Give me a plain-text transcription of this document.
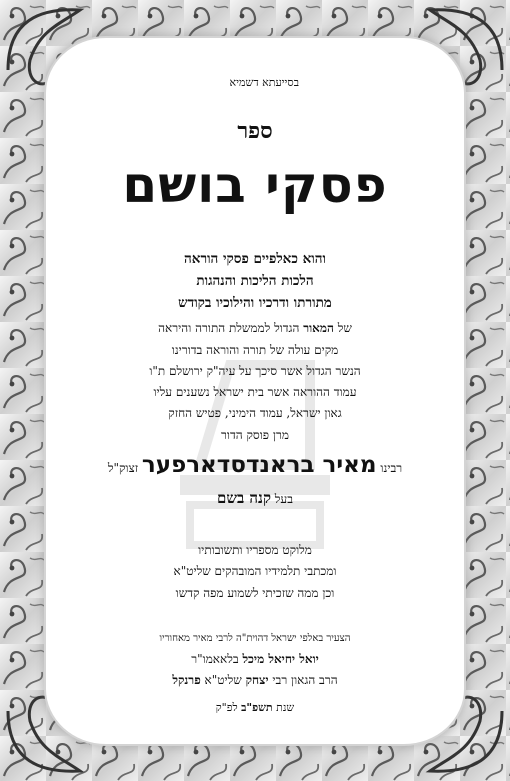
בסייעתא דשמיא
ספר
פסקי בושם
והוא כאלפיים פסקי הוראה
הלכות הליכות והנהגות
מתורתו ודרכיו והילוכיו בקודש
של המאור הגדול לממשלת התורה והיראה
מקים עולה של תורה והוראה בדורינו
הנשר הגדול אשר סיכך על עיה"ק ירושלם ת"ו
עמוד ההוראה אשר בית ישראל נשענים עליו
גאון ישראל, עמוד הימיני, פטיש החזק
מרן פוסק הדור
רבינו מאיר בראנדסדארפער זצוק"ל
בעל קנה בשם
מלוקט מספריו ותשובותיו
ומכתבי תלמידיו המובהקים שליט"א
וכן ממה שזכיתי לשמוע מפה קדשו
הצעיר באלפי ישראל דהוית"ה לרבי מאיר מאחוריו
יואל יחיאל מיכל בלאאמו"ר
הרב הגאון רבי יצחק שליט"א פרנקל
שנת תשפ"ב לפ"ק
